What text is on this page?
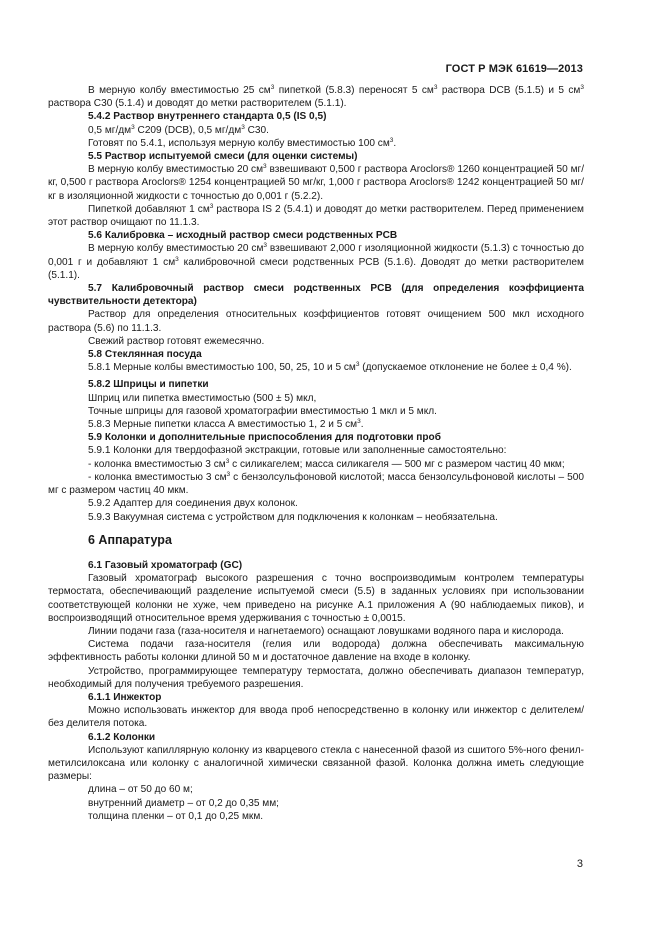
ГОСТ Р МЭК 61619—2013

В мерную колбу вместимостью 25 $см^3$ пипеткой (5.8.3) переносят 5 $см^3$ раствора DCB (5.1.5) и 5 $см^3$ раствора С30 (5.1.4) и доводят до метки растворителем (5.1.1).

5.4.2 Раствор внутреннего стандарта 0,5 (IS 0,5)

0,5 $мг/дм^3$ С209 (DCB), 0,5 $мг/дм^3$ С30.

Готовят по 5.4.1, используя мерную колбу вместимостью 100 $см^3$.

5.5 Раствор испытуемой смеси (для оценки системы)

В мерную колбу вместимостью 20 $см^3$ взвешивают 0,500 г раствора Aroclors® 1260 концентрацией 50 мг/кг, 0,500 г раствора Aroclors® 1254 концентрацией 50 мг/кг, 1,000 г раствора Aroclors® 1242 концентрацией 50 мг/кг в изоляционной жидкости с точностью до 0,001 г (5.2.2).

Пипеткой добавляют 1 $см^3$ раствора IS 2 (5.4.1) и доводят до метки растворителем. Перед применением этот раствор очищают по 11.1.3.

5.6 Калибровка – исходный раствор смеси родственных PCB

В мерную колбу вместимостью 20 $см^3$ взвешивают 2,000 г изоляционной жидкости (5.1.3) с точностью до 0,001 г и добавляют 1 $см^3$ калибровочной смеси родственных PCB (5.1.6). Доводят до метки растворителем (5.1.1).

5.7 Калибровочный раствор смеси родственных PCB (для определения коэффициента чувствительности детектора)

Раствор для определения относительных коэффициентов готовят очищением 500 мкл исходного раствора (5.6) по 11.1.3.

Свежий раствор готовят ежемесячно.

5.8 Стеклянная посуда

5.8.1 Мерные колбы вместимостью 100, 50, 25, 10 и 5 $см^3$ (допускаемое отклонение не более ± 0,4 %).

5.8.2 Шприцы и пипетки

Шприц или пипетка вместимостью (500 ± 5) мкл,

Точные шприцы для газовой хроматографии вместимостью 1 мкл и 5 мкл.

5.8.3 Мерные пипетки класса А вместимостью 1, 2 и 5 $см^3$.

5.9 Колонки и дополнительные приспособления для подготовки проб

5.9.1 Колонки для твердофазной экстракции, готовые или заполненные самостоятельно:

- колонка вместимостью 3 $см^3$ с силикагелем; масса силикагеля — 500 мг с размером частиц 40 мкм;

- колонка вместимостью 3 $см^3$ с бензолсульфоновой кислотой; масса бензолсульфоновой кислоты – 500 мг с размером частиц 40 мкм.

5.9.2 Адаптер для соединения двух колонок.

5.9.3 Вакуумная система с устройством для подключения к колонкам – необязательна.

6 Аппаратура

6.1 Газовый хроматограф (GC)

Газовый хроматограф высокого разрешения с точно воспроизводимым контролем температуры термостата, обеспечивающий разделение испытуемой смеси (5.5) в заданных условиях при использовании соответствующей колонки не хуже, чем приведено на рисунке А.1 приложения А (90 наблюдаемых пиков), и воспроизводящий относительное время удерживания с точностью ± 0,0015.

Линии подачи газа (газа-носителя и нагнетаемого) оснащают ловушками водяного пара и кислорода.

Система подачи газа-носителя (гелия или водорода) должна обеспечивать максимальную эффективность работы колонки длиной 50 м и достаточное давление на входе в колонку.

Устройство, программирующее температуру термостата, должно обеспечивать диапазон температур, необходимый для получения требуемого разрешения.

6.1.1 Инжектор

Можно использовать инжектор для ввода проб непосредственно в колонку или инжектор с делителем/без делителя потока.

6.1.2 Колонки

Используют капиллярную колонку из кварцевого стекла с нанесенной фазой из сшитого 5%-ного фенил-метилсилоксана или колонку с аналогичной химически связанной фазой. Колонка должна иметь следующие размеры:

длина – от 50 до 60 м;

внутренний диаметр – от 0,2 до 0,35 мм;

толщина пленки – от 0,1 до 0,25 мкм.

3
